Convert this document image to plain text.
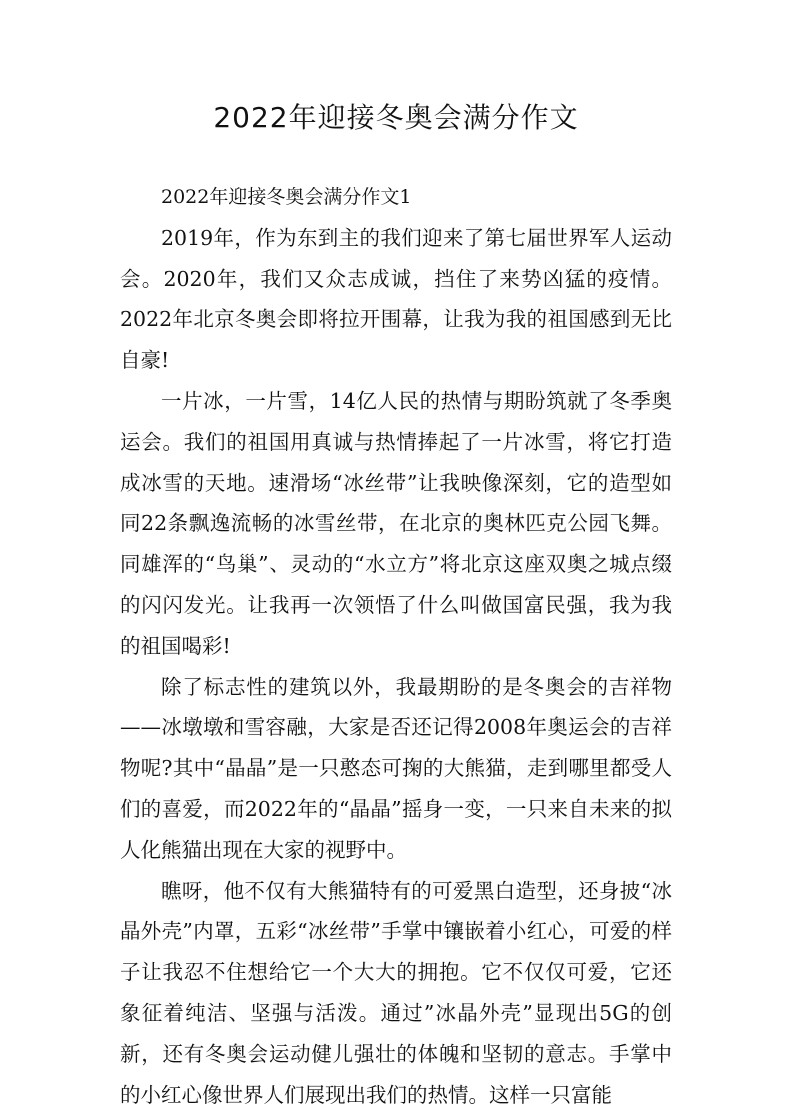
2022年迎接冬奥会满分作文

2022年迎接冬奥会满分作文1

2019年，作为东到主的我们迎来了第七届世界军人运动会。2020年，我们又众志成诚，挡住了来势凶猛的疫情。2022年北京冬奥会即将拉开围幕，让我为我的祖国感到无比自豪!

一片冰，一片雪，14亿人民的热情与期盼筑就了冬季奥运会。我们的祖国用真诚与热情捧起了一片冰雪，将它打造成冰雪的天地。速滑场“冰丝带”让我映像深刻，它的造型如同22条飘逸流畅的冰雪丝带，在北京的奥林匹克公园飞舞。同雄浑的“鸟巢”、灵动的“水立方”将北京这座双奥之城点缀的闪闪发光。让我再一次领悟了什么叫做国富民强，我为我的祖国喝彩!

除了标志性的建筑以外，我最期盼的是冬奥会的吉祥物——冰墩墩和雪容融，大家是否还记得2008年奥运会的吉祥物呢?其中“晶晶”是一只憨态可掬的大熊猫，走到哪里都受人们的喜爱，而2022年的“晶晶”摇身一变，一只来自未来的拟人化熊猫出现在大家的视野中。

瞧呀，他不仅有大熊猫特有的可爱黑白造型，还身披“冰晶外壳”内罩，五彩“冰丝带”手掌中镶嵌着小红心，可爱的样子让我忍不住想给它一个大大的拥抱。它不仅仅可爱，它还象征着纯洁、坚强与活泼。通过”冰晶外壳”显现出5G的创新，还有冬奥会运动健儿强壮的体魄和坚韧的意志。手掌中的小红心像世界人们展现出我们的热情。这样一只富能
